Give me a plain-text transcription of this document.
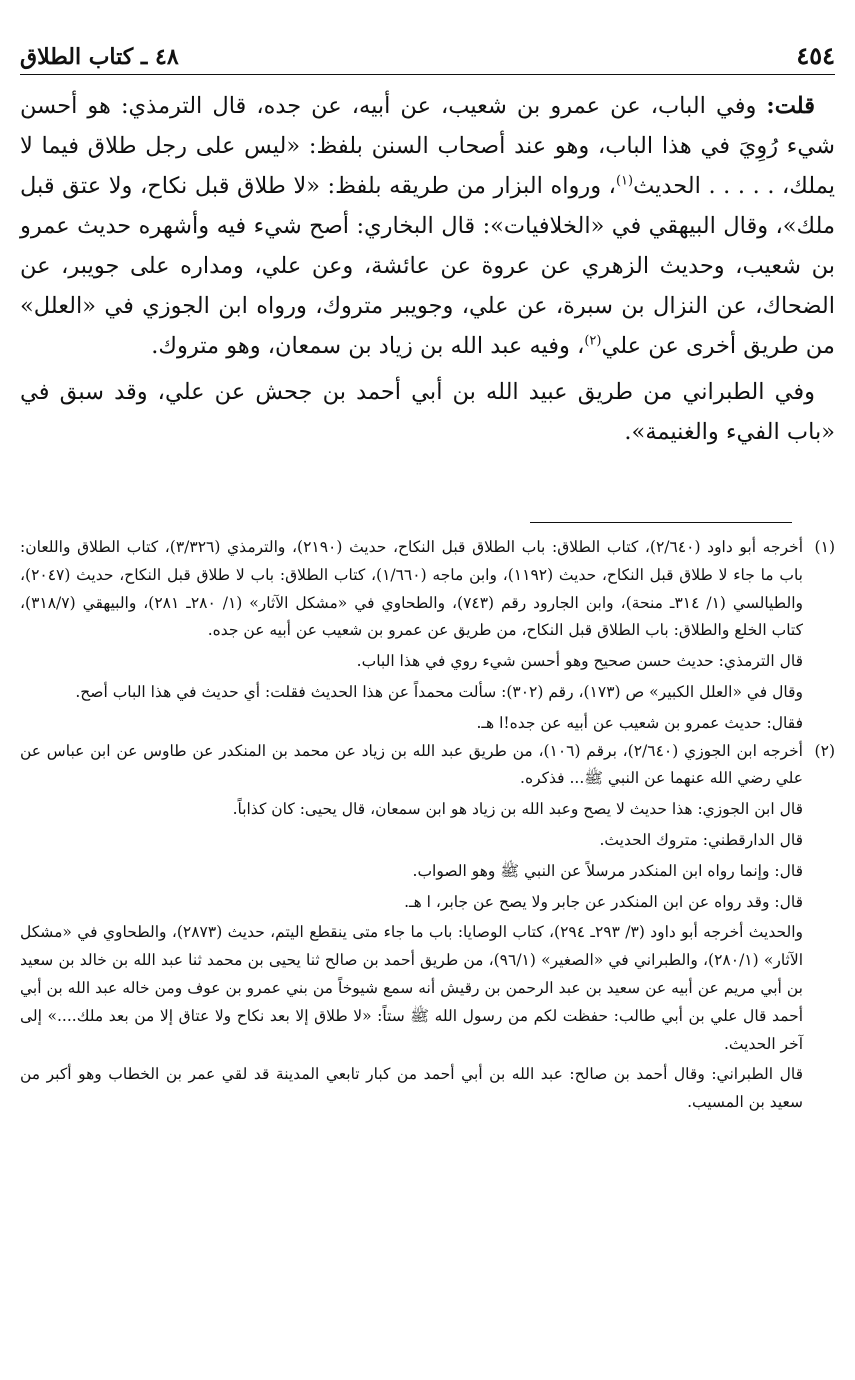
٤٥٤
٤٨ ـ كتاب الطلاق

قلت: وفي الباب، عن عمرو بن شعيب، عن أبيه، عن جده، قال الترمذي: هو أحسن شيء رُوِيَ في هذا الباب، وهو عند أصحاب السنن بلفظ: «ليس على رجل طلاق فيما لا يملك، . . . . . الحديث$^{(١)}$، ورواه البزار من طريقه بلفظ: «لا طلاق قبل نكاح، ولا عتق قبل ملك»، وقال البيهقي في «الخلافيات»: قال البخاري: أصح شيء فيه وأشهره حديث عمرو بن شعيب، وحديث الزهري عن عروة عن عائشة، وعن علي، ومداره على جويبر، عن الضحاك، عن النزال بن سبرة، عن علي، وجويبر متروك، ورواه ابن الجوزي في «العلل» من طريق أخرى عن علي$^{(٢)}$، وفيه عبد الله بن زياد بن سمعان، وهو متروك.

وفي الطبراني من طريق عبيد الله بن أبي أحمد بن جحش عن علي، وقد سبق في «باب الفيء والغنيمة».

(١)

أخرجه أبو داود (٢/٦٤٠)، كتاب الطلاق: باب الطلاق قبل النكاح، حديث (٢١٩٠)، والترمذي (٣/٣٢٦)، كتاب الطلاق واللعان: باب ما جاء لا طلاق قبل النكاح، حديث (١١٩٢)، وابن ماجه (١/٦٦٠)، كتاب الطلاق: باب لا طلاق قبل النكاح، حديث (٢٠٤٧)، والطيالسي (١/ ٣١٤ـ منحة)، وابن الجارود رقم (٧٤٣)، والطحاوي في «مشكل الآثار» (١/ ٢٨٠ـ ٢٨١)، والبيهقي (٣١٨/٧)، كتاب الخلع والطلاق: باب الطلاق قبل النكاح، من طريق عن عمرو بن شعيب عن أبيه عن جده.

قال الترمذي: حديث حسن صحيح وهو أحسن شيء روي في هذا الباب.

وقال في «العلل الكبير» ص (١٧٣)، رقم (٣٠٢): سألت محمداً عن هذا الحديث فقلت: أي حديث في هذا الباب أصح.

فقال: حديث عمرو بن شعيب عن أبيه عن جده!ا هـ.

(٢)

أخرجه ابن الجوزي (٢/٦٤٠)، برقم (١٠٦)، من طريق عبد الله بن زياد عن محمد بن المنكدر عن طاوس عن ابن عباس عن علي رضي الله عنهما عن النبي ﷺ... فذكره.

قال ابن الجوزي: هذا حديث لا يصح وعبد الله بن زياد هو ابن سمعان، قال يحيى: كان كذاباً.

قال الدارقطني: متروك الحديث.

قال: وإنما رواه ابن المنكدر مرسلاً عن النبي ﷺ وهو الصواب.

قال: وقد رواه عن ابن المنكدر عن جابر ولا يصح عن جابر، ا هـ.

والحديث أخرجه أبو داود (٣/ ٢٩٣ـ ٢٩٤)، كتاب الوصايا: باب ما جاء متى ينقطع اليتم، حديث (٢٨٧٣)، والطحاوي في «مشكل الآثار» (٢٨٠/١)، والطبراني في «الصغير» (٩٦/١)، من طريق أحمد بن صالح ثنا يحيى بن محمد ثنا عبد الله بن خالد بن سعيد بن أبي مريم عن أبيه عن سعيد بن عبد الرحمن بن رقيش أنه سمع شيوخاً من بني عمرو بن عوف ومن خاله عبد الله بن أبي أحمد قال علي بن أبي طالب: حفظت لكم من رسول الله ﷺ ستاً: «لا طلاق إلا بعد نكاح ولا عتاق إلا من بعد ملك....» إلى آخر الحديث.

قال الطبراني: وقال أحمد بن صالح: عبد الله بن أبي أحمد من كبار تابعي المدينة قد لقي عمر بن الخطاب وهو أكبر من سعيد بن المسيب.
